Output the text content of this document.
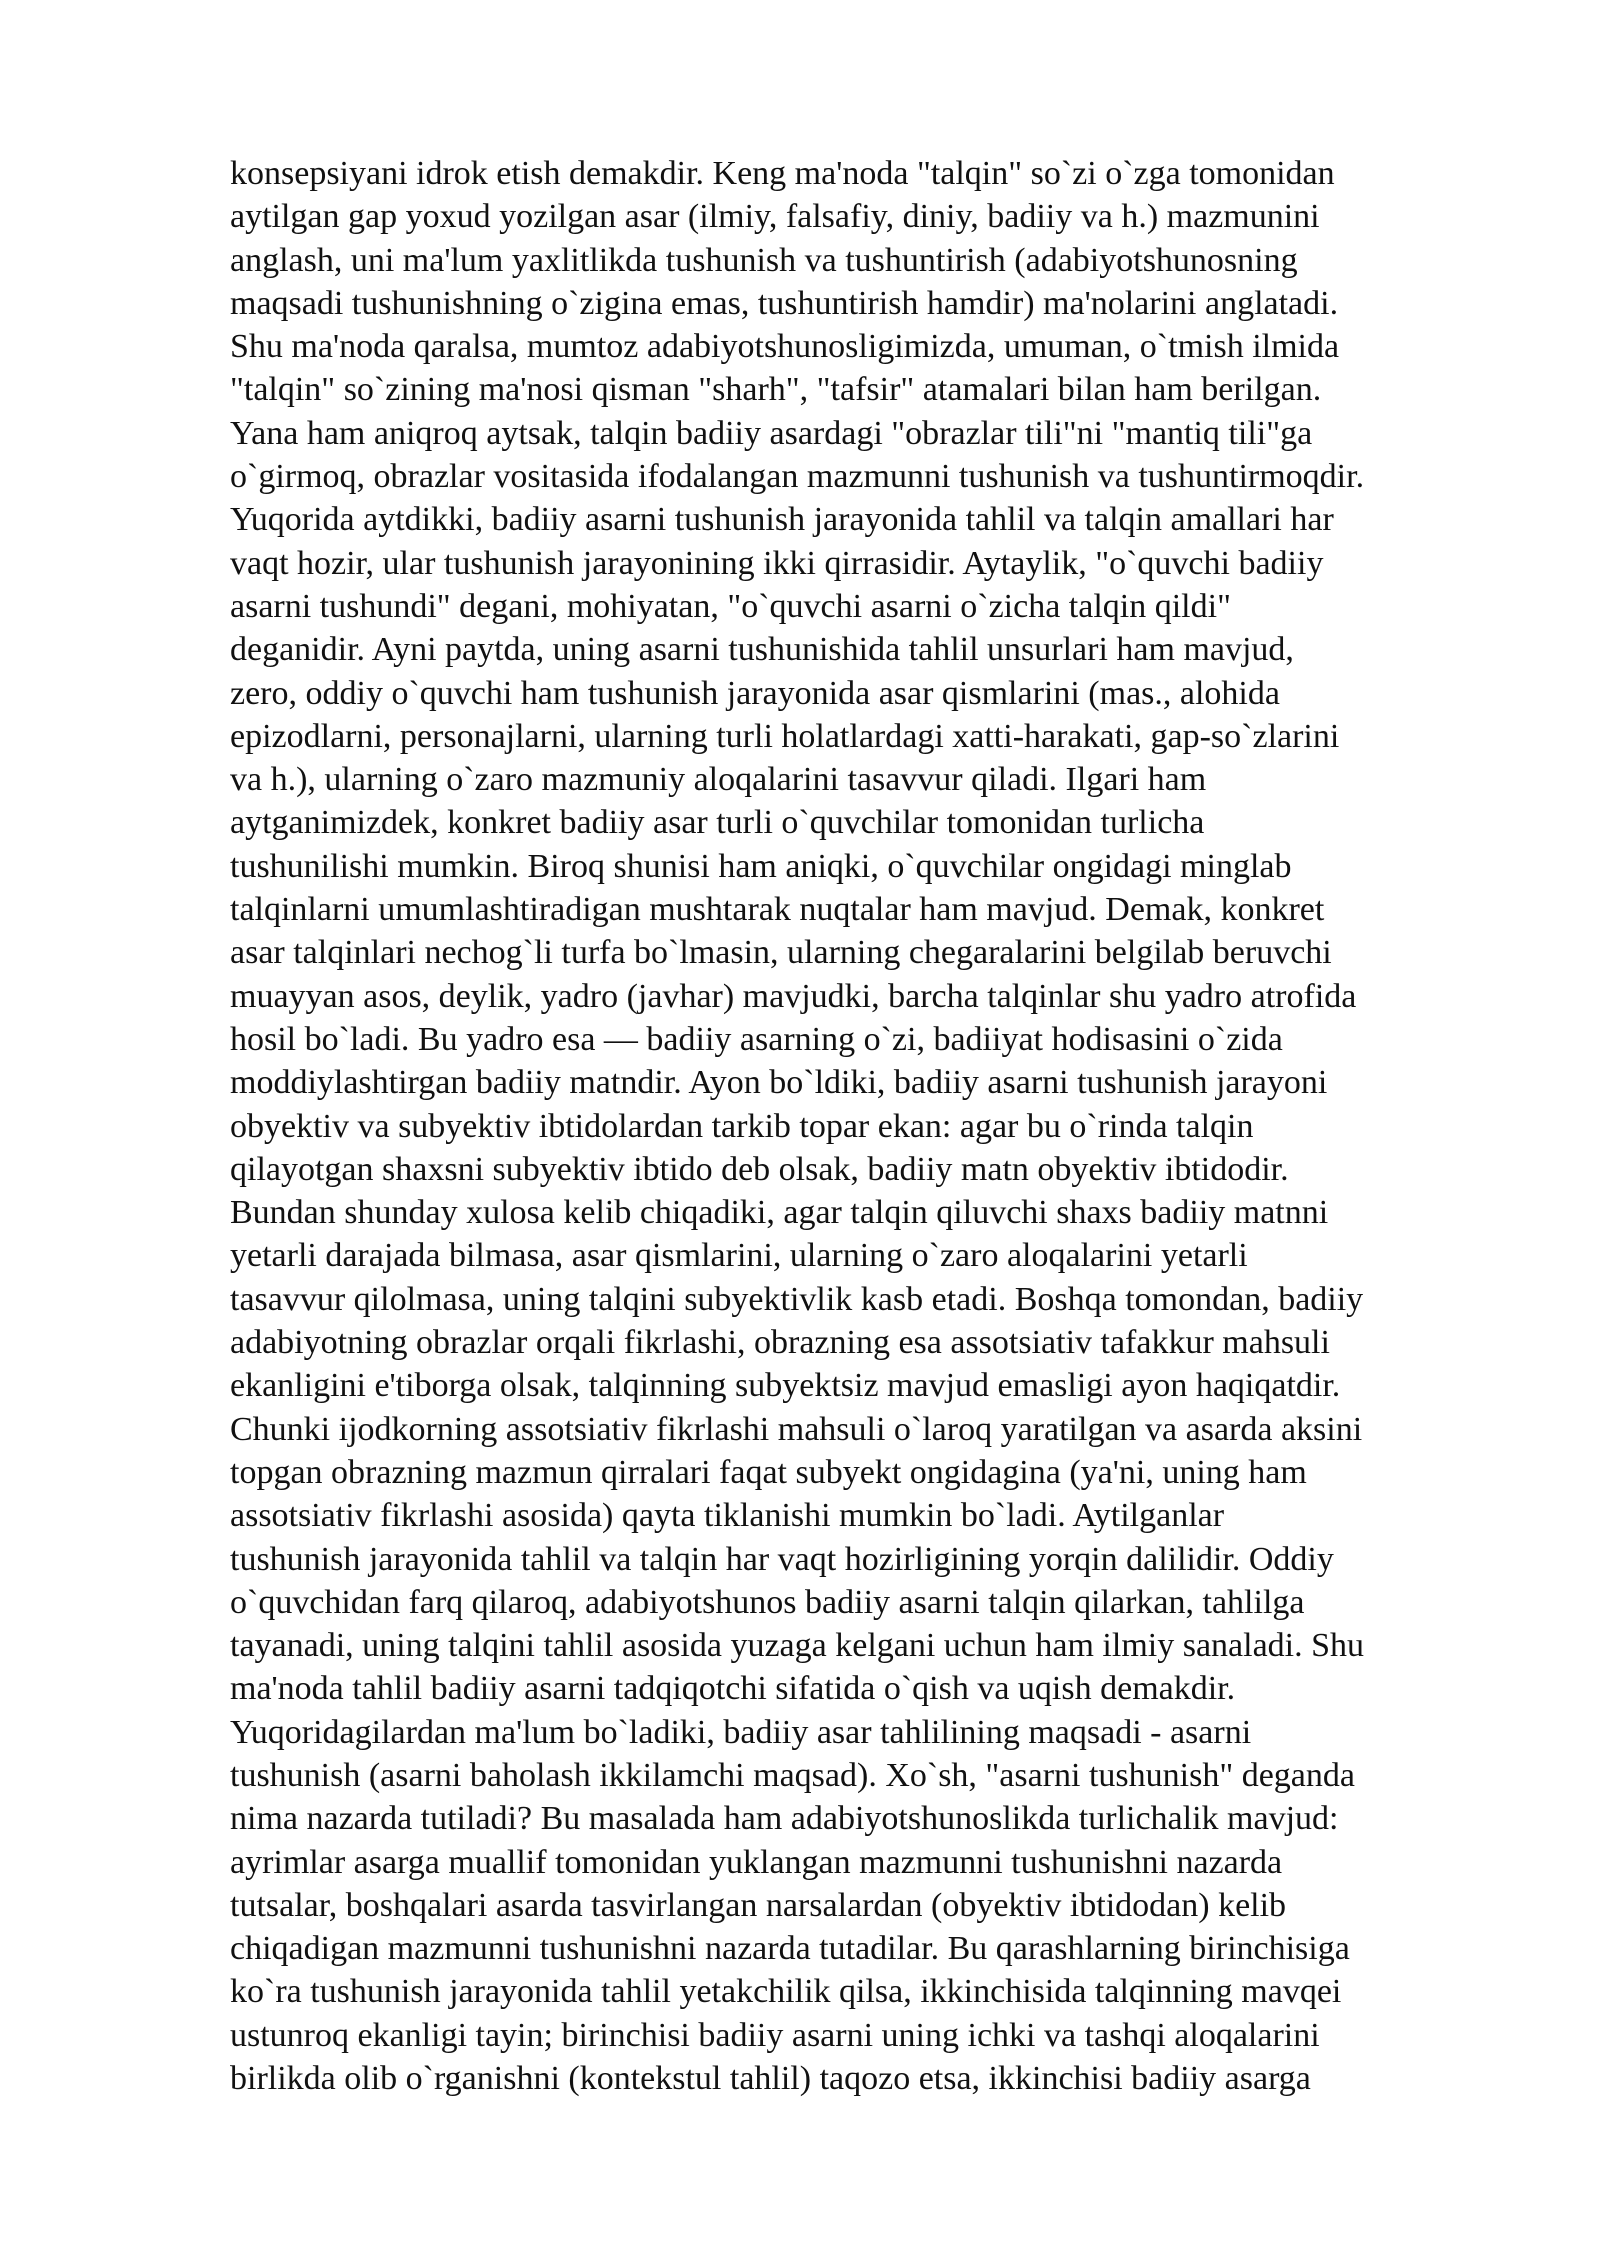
konsepsiyani idrok etish demakdir. Keng ma'noda "talqin" so`zi o`zga tomonidan
aytilgan gap yoxud yozilgan asar (ilmiy, falsafiy, diniy, badiiy va h.) mazmunini
anglash, uni ma'lum yaxlitlikda tushunish va tushuntirish (adabiyotshunosning
maqsadi tushunishning o`zigina emas, tushuntirish hamdir) ma'nolarini anglatadi.
Shu ma'noda qaralsa, mumtoz adabiyotshunosligimizda, umuman, o`tmish ilmida
"talqin" so`zining ma'nosi qisman "sharh", "tafsir" atamalari bilan ham berilgan.
Yana ham aniqroq aytsak, talqin badiiy asardagi "obrazlar tili"ni "mantiq tili"ga
o`girmoq, obrazlar vositasida ifodalangan mazmunni tushunish va tushuntirmoqdir.
Yuqorida aytdikki, badiiy asarni tushunish jarayonida tahlil va talqin amallari har
vaqt hozir, ular tushunish jarayonining ikki qirrasidir. Aytaylik, "o`quvchi badiiy
asarni tushundi" degani, mohiyatan, "o`quvchi asarni o`zicha talqin qildi"
deganidir. Ayni paytda, uning asarni tushunishida tahlil unsurlari ham mavjud,
zero, oddiy o`quvchi ham tushunish jarayonida asar qismlarini (mas., alohida
epizodlarni, personajlarni, ularning turli holatlardagi xatti-harakati, gap-so`zlarini
va h.), ularning o`zaro mazmuniy aloqalarini tasavvur qiladi. Ilgari ham
aytganimizdek, konkret badiiy asar turli o`quvchilar tomonidan turlicha
tushunilishi mumkin. Biroq shunisi ham aniqki, o`quvchilar ongidagi minglab
talqinlarni umumlashtiradigan mushtarak nuqtalar ham mavjud. Demak, konkret
asar talqinlari nechog`li turfa bo`lmasin, ularning chegaralarini belgilab beruvchi
muayyan asos, deylik, yadro (javhar) mavjudki, barcha talqinlar shu yadro atrofida
hosil bo`ladi. Bu yadro esa — badiiy asarning o`zi, badiiyat hodisasini o`zida
moddiylashtirgan badiiy matndir. Ayon bo`ldiki, badiiy asarni tushunish jarayoni
obyektiv va subyektiv ibtidolardan tarkib topar ekan: agar bu o`rinda talqin
qilayotgan shaxsni subyektiv ibtido deb olsak, badiiy matn obyektiv ibtidodir.
Bundan shunday xulosa kelib chiqadiki, agar talqin qiluvchi shaxs badiiy matnni
yetarli darajada bilmasa, asar qismlarini, ularning o`zaro aloqalarini yetarli
tasavvur qilolmasa, uning talqini subyektivlik kasb etadi. Boshqa tomondan, badiiy
adabiyotning obrazlar orqali fikrlashi, obrazning esa assotsiativ tafakkur mahsuli
ekanligini e'tiborga olsak, talqinning subyektsiz mavjud emasligi ayon haqiqatdir.
Chunki ijodkorning assotsiativ fikrlashi mahsuli o`laroq yaratilgan va asarda aksini
topgan obrazning mazmun qirralari faqat subyekt ongidagina (ya'ni, uning ham
assotsiativ fikrlashi asosida) qayta tiklanishi mumkin bo`ladi. Aytilganlar
tushunish jarayonida tahlil va talqin har vaqt hozirligining yorqin dalilidir. Oddiy
o`quvchidan farq qilaroq, adabiyotshunos badiiy asarni talqin qilarkan, tahlilga
tayanadi, uning talqini tahlil asosida yuzaga kelgani uchun ham ilmiy sanaladi. Shu
ma'noda tahlil badiiy asarni tadqiqotchi sifatida o`qish va uqish demakdir.
Yuqoridagilardan ma'lum bo`ladiki, badiiy asar tahlilining maqsadi - asarni
tushunish (asarni baholash ikkilamchi maqsad). Xo`sh, "asarni tushunish" deganda
nima nazarda tutiladi? Bu masalada ham adabiyotshunoslikda turlichalik mavjud:
ayrimlar asarga muallif tomonidan yuklangan mazmunni tushunishni nazarda
tutsalar, boshqalari asarda tasvirlangan narsalardan (obyektiv ibtidodan) kelib
chiqadigan mazmunni tushunishni nazarda tutadilar. Bu qarashlarning birinchisiga
ko`ra tushunish jarayonida tahlil yetakchilik qilsa, ikkinchisida talqinning mavqei
ustunroq ekanligi tayin; birinchisi badiiy asarni uning ichki va tashqi aloqalarini
birlikda olib o`rganishni (kontekstul tahlil) taqozo etsa, ikkinchisi badiiy asarga
